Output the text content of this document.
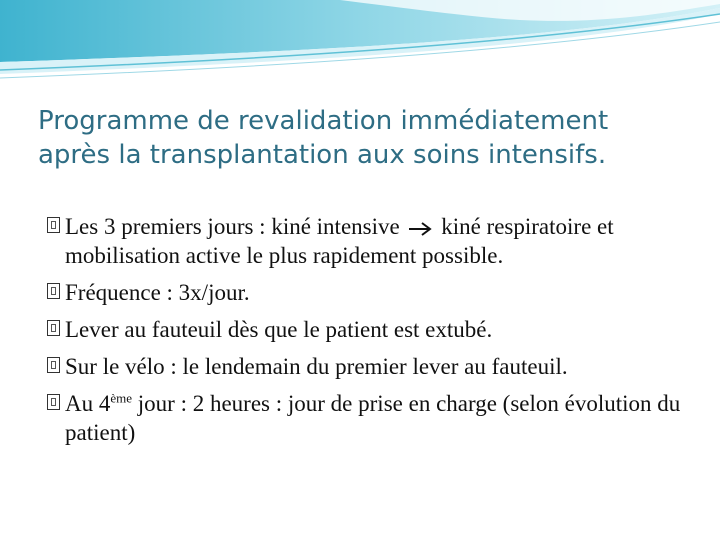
Programme de revalidation immédiatement
après la transplantation aux soins intensifs.
Les 3 premiers jours : kiné intensive kiné respiratoire et mobilisation active le plus rapidement possible.
Fréquence : 3x/jour.
Lever au fauteuil dès que le patient est extubé.
Sur le vélo : le lendemain du premier lever au fauteuil.
Au 4ème jour : 2 heures : jour de prise en charge (selon évolution du patient)
